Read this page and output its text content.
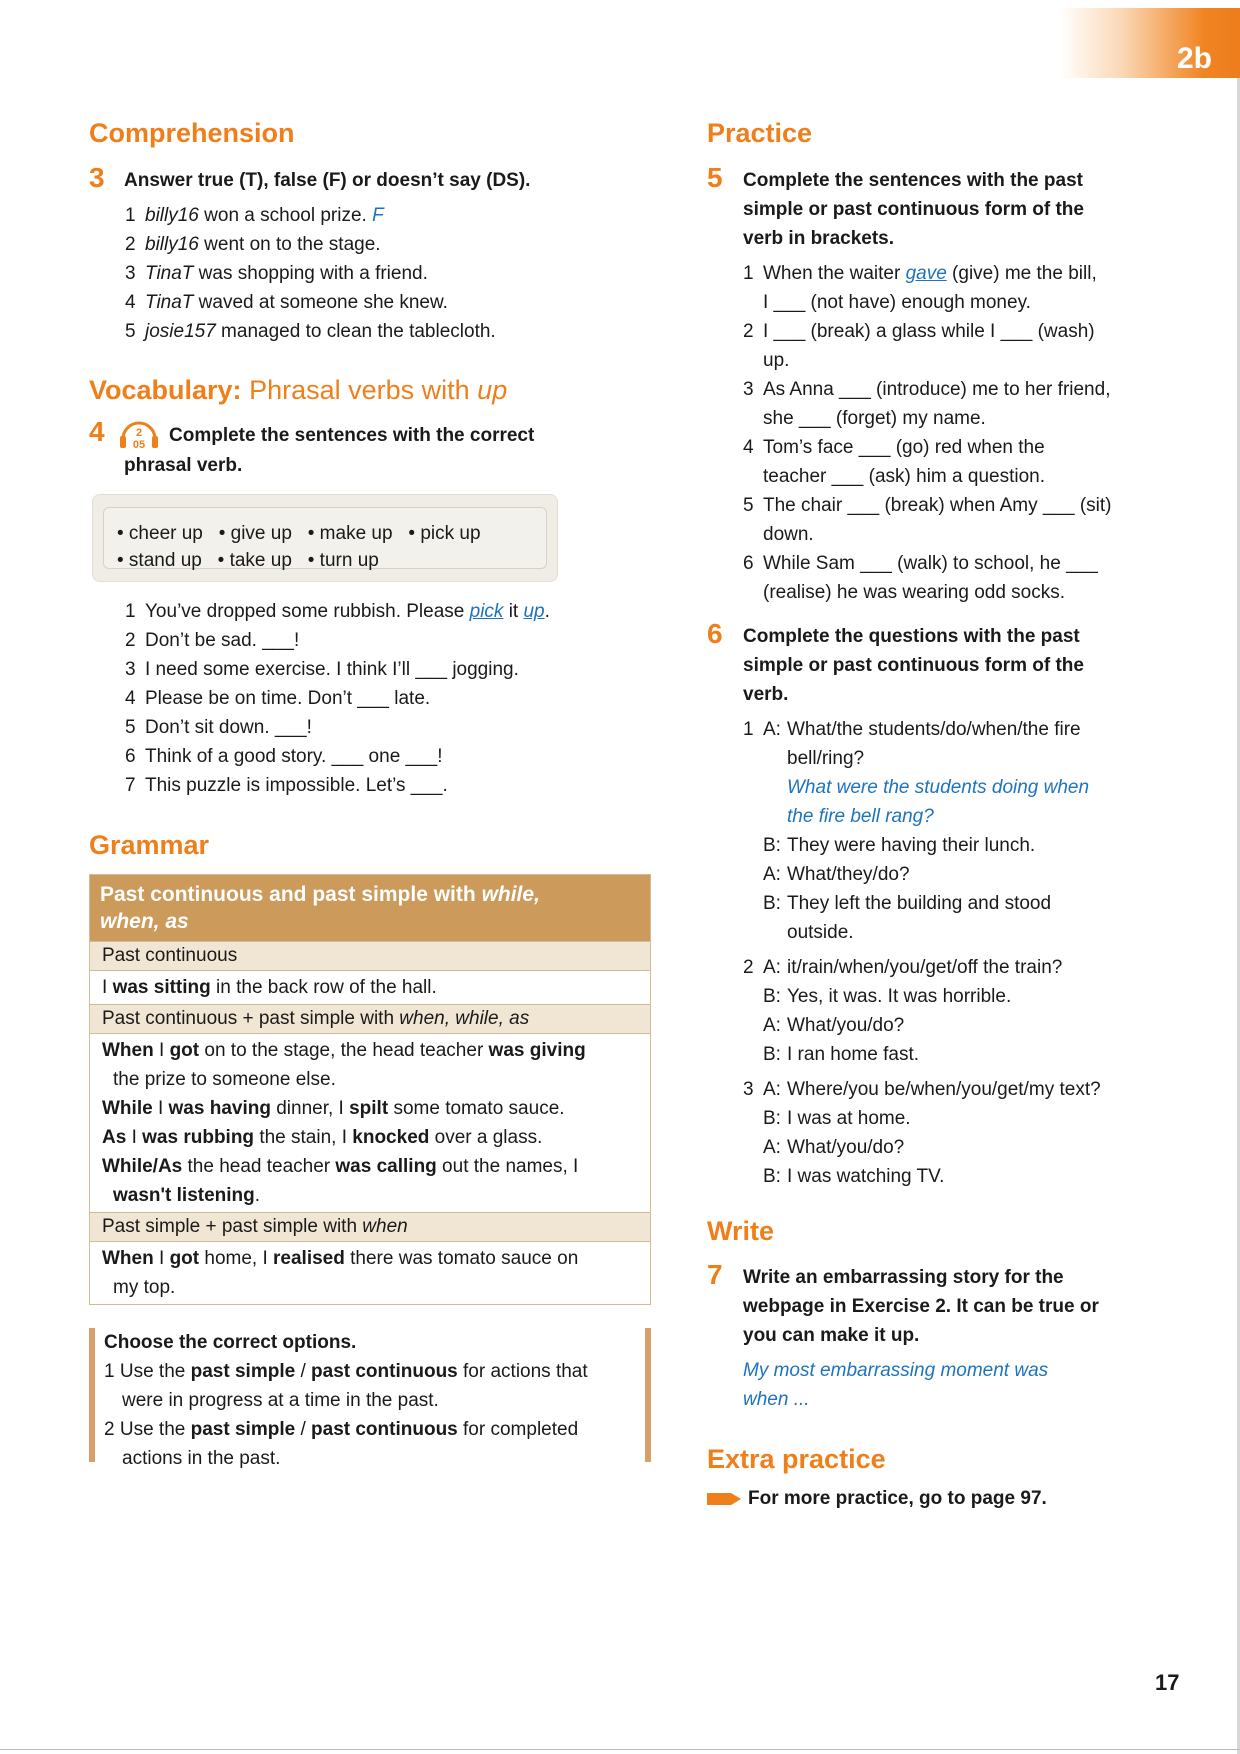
2b
Comprehension
3 Answer true (T), false (F) or doesn’t say (DS).
1 billy16 won a school prize. F
2 billy16 went on to the stage.
3 TinaT was shopping with a friend.
4 TinaT waved at someone she knew.
5 josie157 managed to clean the tablecloth.
Vocabulary: Phrasal verbs with up
4	2
05 Complete the sentences with the correct
phrasal verb.
• cheer up   • give up   • make up   • pick up
• stand up   • take up   • turn up
1 You’ve dropped some rubbish. Please pick it up.
2 Don’t be sad. ___!
3 I need some exercise. I think I’ll ___ jogging.
4 Please be on time. Don’t ___ late.
5 Don’t sit down. ___!
6 Think of a good story. ___ one ___!
7 This puzzle is impossible. Let’s ___.
Grammar
Past continuous and past simple with while,
when, as
Past continuous
I was sitting in the back row of the hall.
Past continuous + past simple with when, while, as
When I got on to the stage, the head teacher was giving
the prize to someone else.
While I was having dinner, I spilt some tomato sauce.
As I was rubbing the stain, I knocked over a glass.
While/As the head teacher was calling out the names, I
wasn't listening.
Past simple + past simple with when
When I got home, I realised there was tomato sauce on
my top.
Choose the correct options.
1 Use the past simple / past continuous for actions that
were in progress at a time in the past.
2 Use the past simple / past continuous for completed
actions in the past.
Practice
5 Complete the sentences with the past
simple or past continuous form of the
verb in brackets.
1 When the waiter gave (give) me the bill,
I ___ (not have) enough money.
2 I ___ (break) a glass while I ___ (wash)
up.
3 As Anna ___ (introduce) me to her friend,
she ___ (forget) my name.
4 Tom’s face ___ (go) red when the
teacher ___ (ask) him a question.
5 The chair ___ (break) when Amy ___ (sit)
down.
6 While Sam ___ (walk) to school, he ___
(realise) he was wearing odd socks.
6 Complete the questions with the past
simple or past continuous form of the
verb.
1 A: What/the students/do/when/the fire
bell/ring?
What were the students doing when
the fire bell rang?
B: They were having their lunch.
A: What/they/do?
B: They left the building and stood
outside.
2 A: it/rain/when/you/get/off the train?
B: Yes, it was. It was horrible.
A: What/you/do?
B: I ran home fast.
3 A: Where/you be/when/you/get/my text?
B: I was at home.
A: What/you/do?
B: I was watching TV.
Write
7 Write an embarrassing story for the
webpage in Exercise 2. It can be true or
you can make it up.
My most embarrassing moment was
when ...
Extra practice
For more practice, go to page 97.
17
